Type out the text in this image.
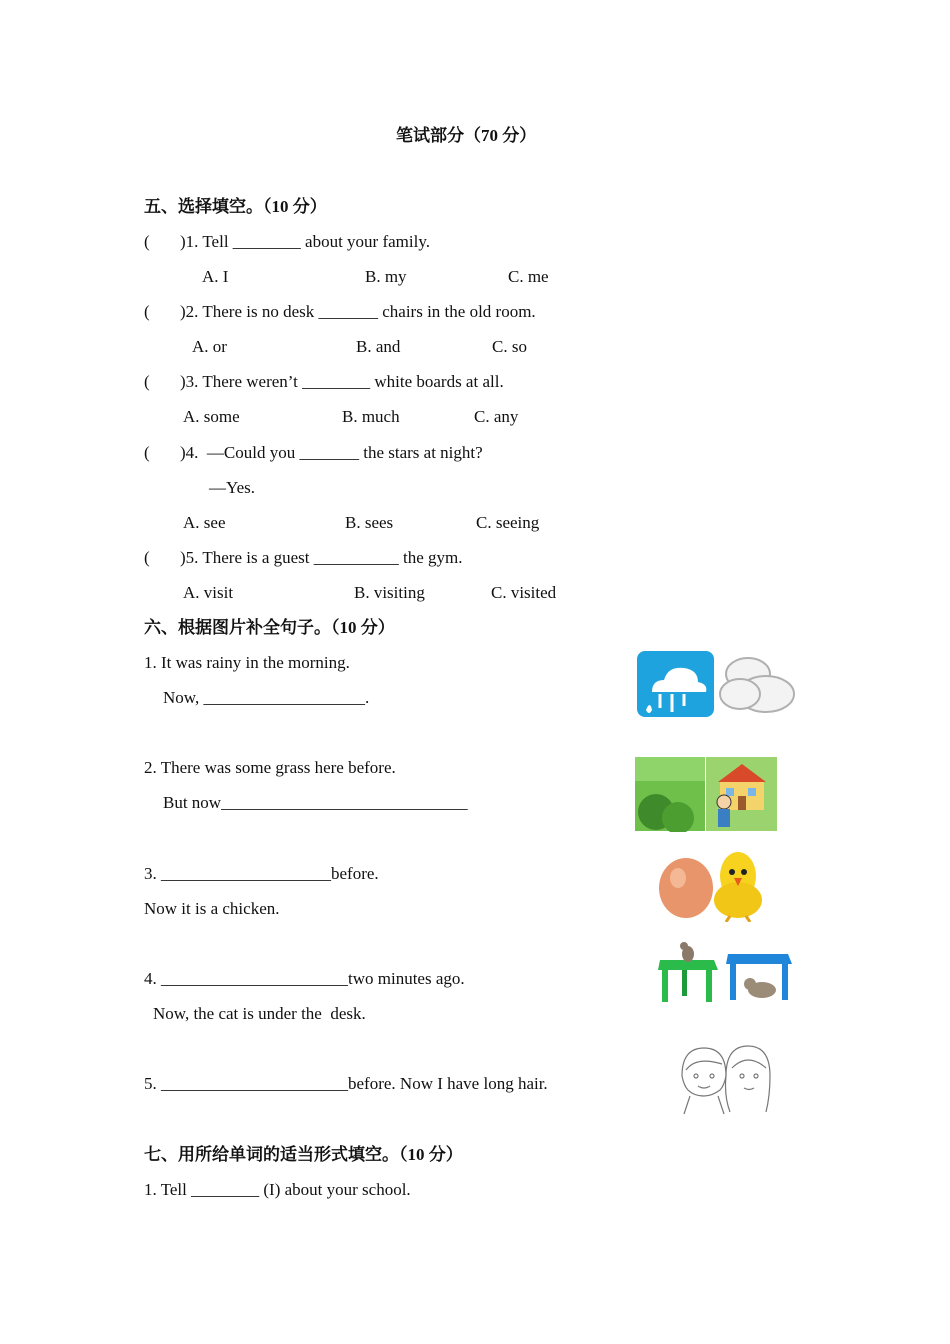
笔试部分（70 分）
五、选择填空。（10 分）
( )1. Tell ________ about your family.
A. I	B. my	C. me
( )2. There is no desk _______ chairs in the old room.
A. or	B. and	C. so
( )3. There weren’t ________ white boards at all.
A. some	B. much	C. any
( )4.  —Could you _______ the stars at night?
—Yes.
A. see	B. sees	C. seeing
( )5. There is a guest __________ the gym.
A. visit	B. visiting	C. visited
六、根据图片补全句子。（10 分）
1. It was rainy in the morning.
Now, ___________________.
2. There was some grass here before.
But now_____________________________
3. ____________________before.
Now it is a chicken.
4. ______________________two minutes ago.
Now, the cat is under the  desk.
5. ______________________before. Now I have long hair.
七、用所给单词的适当形式填空。（10 分）
1. Tell ________ (I) about your school.
